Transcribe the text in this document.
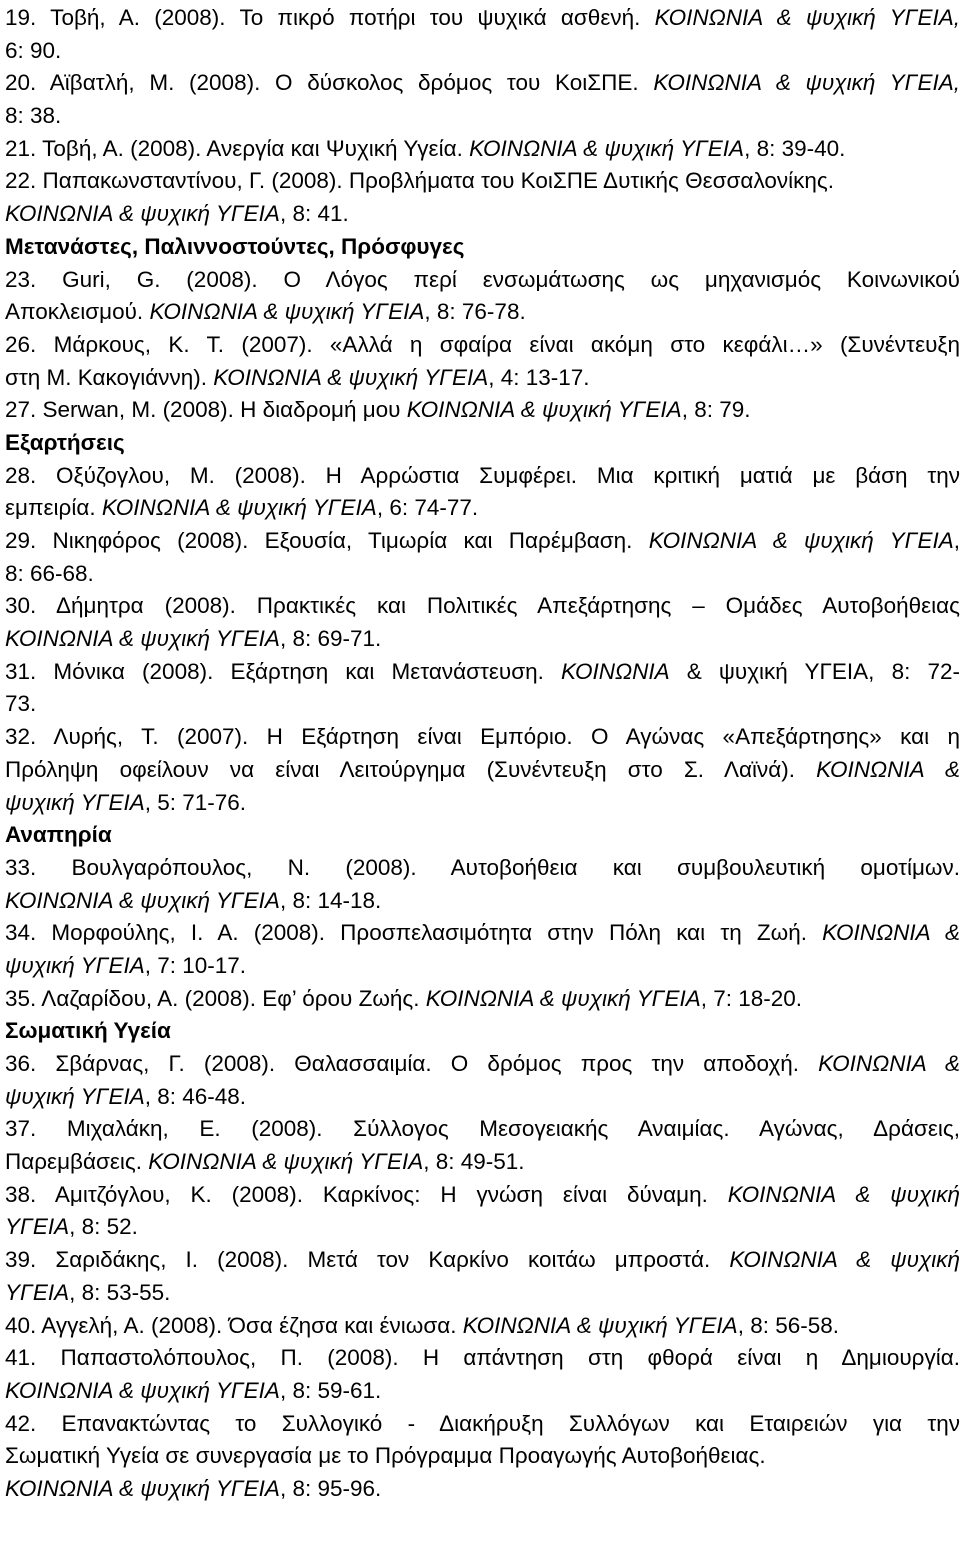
19. Τοβή, Α. (2008). Το πικρό ποτήρι του ψυχικά ασθενή. ΚΟΙΝΩΝΙΑ & ψυχική ΥΓΕΙΑ,
6: 90.
20. Αϊβατλή, Μ. (2008). Ο δύσκολος δρόμος του ΚοιΣΠΕ. ΚΟΙΝΩΝΙΑ & ψυχική ΥΓΕΙΑ,
8: 38.
21. Τοβή, Α. (2008). Ανεργία και Ψυχική Υγεία. ΚΟΙΝΩΝΙΑ & ψυχική ΥΓΕΙΑ, 8: 39-40.
22. Παπακωνσταντίνου, Γ. (2008). Προβλήματα του ΚοιΣΠΕ Δυτικής Θεσσαλονίκης.
ΚΟΙΝΩΝΙΑ & ψυχική ΥΓΕΙΑ, 8: 41.
Μετανάστες, Παλιννοστούντες, Πρόσφυγες
23. Guri, G. (2008). Ο Λόγος περί ενσωμάτωσης ως μηχανισμός Κοινωνικού
Αποκλεισμού. ΚΟΙΝΩΝΙΑ & ψυχική ΥΓΕΙΑ, 8: 76-78.
26. Μάρκους, Κ. Τ. (2007). «Αλλά η σφαίρα είναι ακόμη στο κεφάλι…» (Συνέντευξη
στη Μ. Κακογιάννη). ΚΟΙΝΩΝΙΑ & ψυχική ΥΓΕΙΑ, 4: 13-17.
27. Serwan, M. (2008). Η διαδρομή μου ΚΟΙΝΩΝΙΑ & ψυχική ΥΓΕΙΑ, 8: 79.
Εξαρτήσεις
28. Οξύζογλου, Μ. (2008). Η Αρρώστια Συμφέρει. Μια κριτική ματιά με βάση την
εμπειρία. ΚΟΙΝΩΝΙΑ & ψυχική ΥΓΕΙΑ, 6: 74-77.
29. Νικηφόρος (2008). Εξουσία, Τιμωρία και Παρέμβαση. ΚΟΙΝΩΝΙΑ & ψυχική ΥΓΕΙΑ,
8: 66-68.
30. Δήμητρα (2008). Πρακτικές και Πολιτικές Απεξάρτησης – Ομάδες Αυτοβοήθειας
ΚΟΙΝΩΝΙΑ & ψυχική ΥΓΕΙΑ, 8: 69-71.
31. Μόνικα (2008). Εξάρτηση και Μετανάστευση. ΚΟΙΝΩΝΙΑ & ψυχική ΥΓΕΙΑ, 8: 72-
73.
32. Λυρής, Τ. (2007). Η Εξάρτηση είναι Εμπόριο. Ο Αγώνας «Απεξάρτησης» και η
Πρόληψη οφείλουν να είναι Λειτούργημα (Συνέντευξη στο Σ. Λαϊνά). ΚΟΙΝΩΝΙΑ &
ψυχική ΥΓΕΙΑ, 5: 71-76.
Αναπηρία
33. Βουλγαρόπουλος, Ν. (2008). Αυτοβοήθεια και συμβουλευτική ομοτίμων.
ΚΟΙΝΩΝΙΑ & ψυχική ΥΓΕΙΑ, 8: 14-18.
34. Μορφούλης, Ι. Α. (2008). Προσπελασιμότητα στην Πόλη και τη Ζωή. ΚΟΙΝΩΝΙΑ &
ψυχική ΥΓΕΙΑ, 7: 10-17.
35. Λαζαρίδου, Α. (2008). Εφ’ όρου Ζωής. ΚΟΙΝΩΝΙΑ & ψυχική ΥΓΕΙΑ, 7: 18-20.
Σωματική Υγεία
36. Σβάρνας, Γ. (2008). Θαλασσαιμία. Ο δρόμος προς την αποδοχή. ΚΟΙΝΩΝΙΑ &
ψυχική ΥΓΕΙΑ, 8: 46-48.
37. Μιχαλάκη, Ε. (2008). Σύλλογος Μεσογειακής Αναιμίας. Αγώνας, Δράσεις,
Παρεμβάσεις. ΚΟΙΝΩΝΙΑ & ψυχική ΥΓΕΙΑ, 8: 49-51.
38. Αμιτζόγλου, Κ. (2008). Καρκίνος: Η γνώση είναι δύναμη. ΚΟΙΝΩΝΙΑ & ψυχική
ΥΓΕΙΑ, 8: 52.
39. Σαριδάκης, Ι. (2008). Μετά τον Καρκίνο κοιτάω μπροστά. ΚΟΙΝΩΝΙΑ & ψυχική
ΥΓΕΙΑ, 8: 53-55.
40. Αγγελή, Α. (2008). Όσα έζησα και ένιωσα. ΚΟΙΝΩΝΙΑ & ψυχική ΥΓΕΙΑ, 8: 56-58.
41. Παπαστολόπουλος, Π. (2008). Η απάντηση στη φθορά είναι η Δημιουργία.
ΚΟΙΝΩΝΙΑ & ψυχική ΥΓΕΙΑ, 8: 59-61.
42. Επανακτώντας το Συλλογικό - Διακήρυξη Συλλόγων και Εταιρειών για την
Σωματική Υγεία σε συνεργασία με το Πρόγραμμα Προαγωγής Αυτοβοήθειας.
ΚΟΙΝΩΝΙΑ & ψυχική ΥΓΕΙΑ, 8: 95-96.
